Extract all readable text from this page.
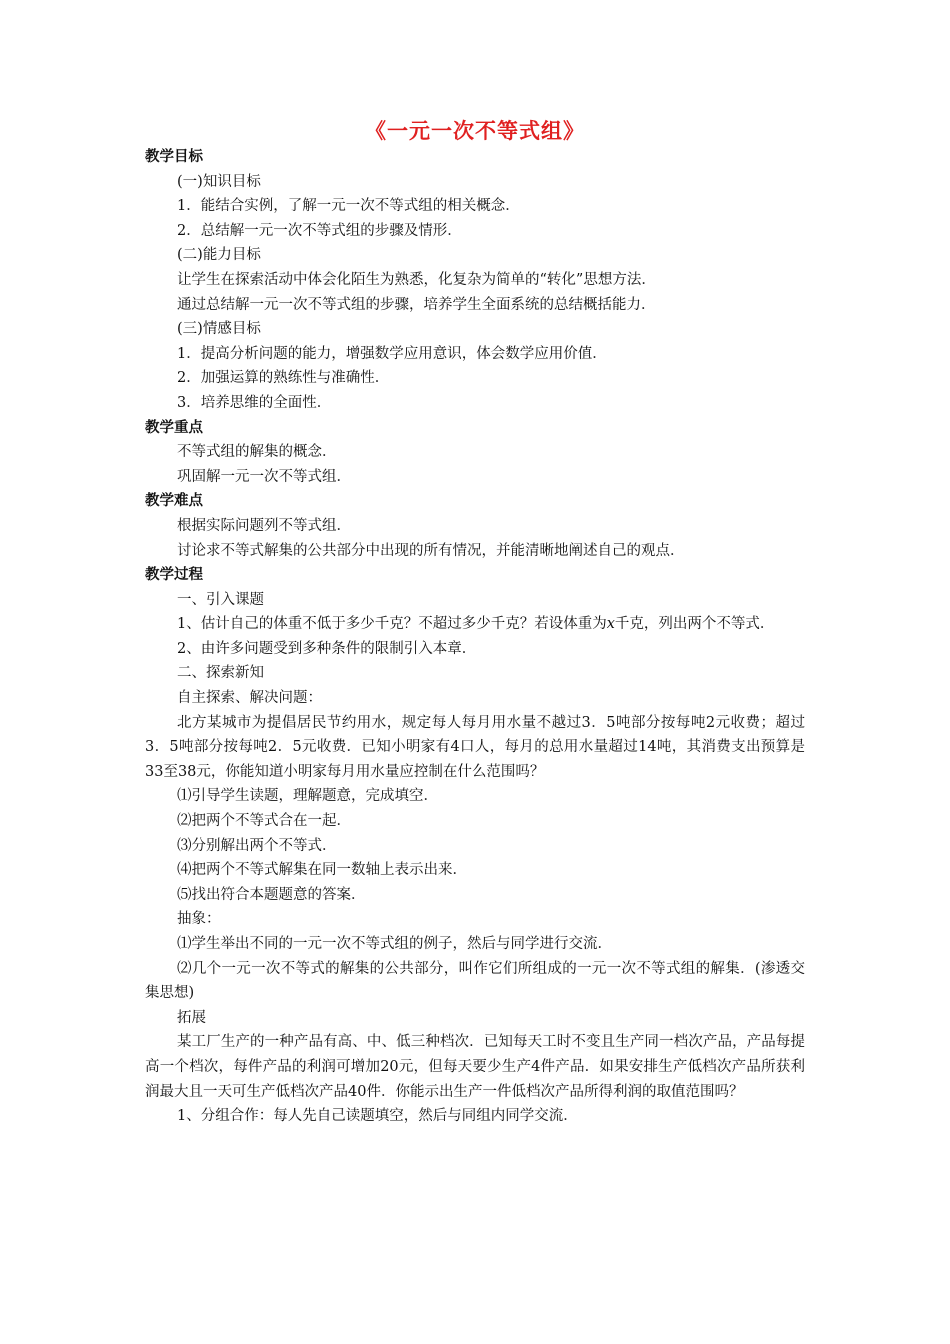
《一元一次不等式组》
教学目标
(一)知识目标
1．能结合实例，了解一元一次不等式组的相关概念．
2．总结解一元一次不等式组的步骤及情形．
(二)能力目标
让学生在探索活动中体会化陌生为熟悉，化复杂为简单的“转化”思想方法．
通过总结解一元一次不等式组的步骤，培养学生全面系统的总结概括能力．
(三)情感目标
1．提高分析问题的能力，增强数学应用意识，体会数学应用价值．
2．加强运算的熟练性与准确性．
3．培养思维的全面性．
教学重点
不等式组的解集的概念．
巩固解一元一次不等式组．
教学难点
根据实际问题列不等式组．
讨论求不等式解集的公共部分中出现的所有情况，并能清晰地阐述自己的观点．
教学过程
一、引入课题
1、估计自己的体重不低于多少千克？不超过多少千克？若设体重为x千克，列出两个不等式．
2、由许多问题受到多种条件的限制引入本章．
二、探索新知
自主探索、解决问题：
北方某城市为提倡居民节约用水，规定每人每月用水量不越过3．5吨部分按每吨2元收费；超过3．5吨部分按每吨2．5元收费．已知小明家有4口人，每月的总用水量超过14吨，其消费支出预算是33至38元，你能知道小明家每月用水量应控制在什么范围吗？
⑴引导学生读题，理解题意，完成填空．
⑵把两个不等式合在一起．
⑶分别解出两个不等式．
⑷把两个不等式解集在同一数轴上表示出来．
⑸找出符合本题题意的答案．
抽象：
⑴学生举出不同的一元一次不等式组的例子，然后与同学进行交流．
⑵几个一元一次不等式的解集的公共部分，叫作它们所组成的一元一次不等式组的解集．(渗透交集思想)
拓展
某工厂生产的一种产品有高、中、低三种档次．已知每天工时不变且生产同一档次产品，产品每提高一个档次，每件产品的利润可增加20元，但每天要少生产4件产品．如果安排生产低档次产品所获利润最大且一天可生产低档次产品40件．你能示出生产一件低档次产品所得利润的取值范围吗？
1、分组合作：每人先自己读题填空，然后与同组内同学交流．
